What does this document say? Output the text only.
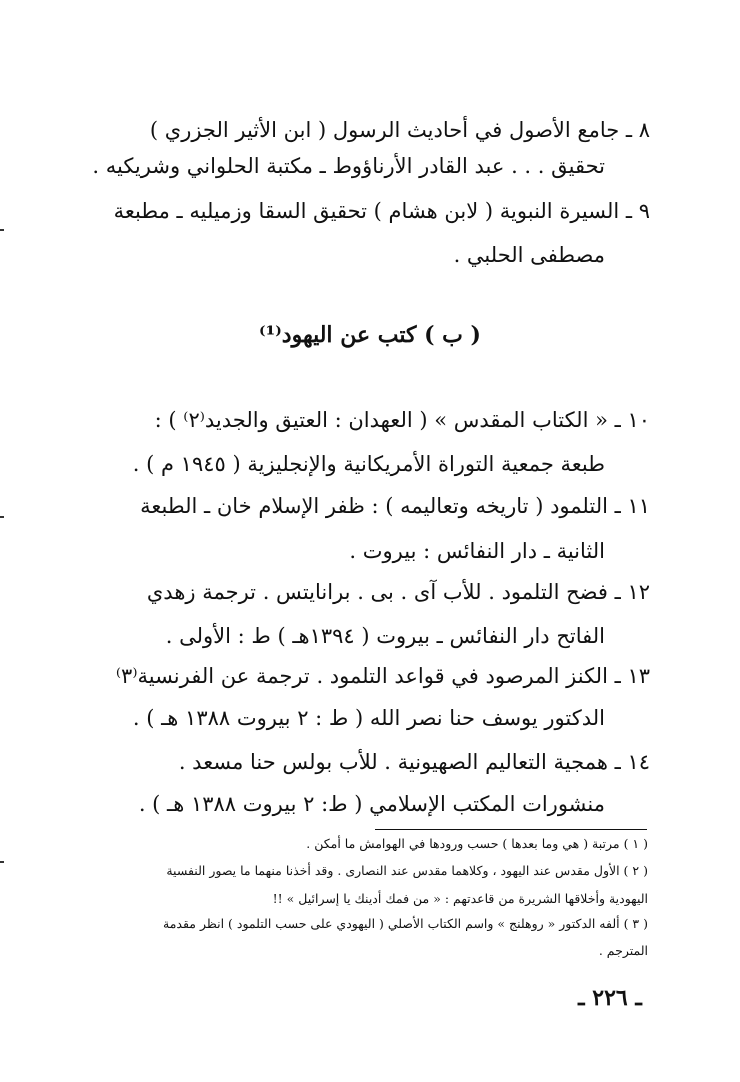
٨ ـ جامع الأصول في أحاديث الرسول ( ابن الأثير الجزري )
تحقيق . . . عبد القادر الأرناؤوط ـ مكتبة الحلواني وشريكيه .
٩ ـ السيرة النبوية ( لابن هشام ) تحقيق السقا وزميليه ـ مطبعة
مصطفى الحلبي .
( ب ) كتب عن اليهود⁽¹⁾
١٠ ـ « الكتاب المقدس » ( العهدان : العتيق والجديد⁽٢⁾ ) :
طبعة جمعية التوراة الأمريكانية والإنجليزية ( ١٩٤٥ م ) .
١١ ـ التلمود ( تاريخه وتعاليمه ) : ظفر الإسلام خان ـ الطبعة
الثانية ـ دار النفائس : بيروت .
١٢ ـ فضح التلمود . للأب آى . بى . برانايتس . ترجمة زهدي
الفاتح دار النفائس ـ بيروت ( ١٣٩٤هـ ) ط : الأولى .
١٣ ـ الكنز المرصود في قواعد التلمود . ترجمة عن الفرنسية⁽٣⁾
الدكتور يوسف حنا نصر الله ( ط : ٢ بيروت ١٣٨٨ هـ ) .
١٤ ـ همجية التعاليم الصهيونية . للأب بولس حنا مسعد .
منشورات المكتب الإسلامي ( ط: ٢ بيروت ١٣٨٨ هـ ) .
( ١ ) مرتبة ( هي وما بعدها ) حسب ورودها في الهوامش ما أمكن .
( ٢ ) الأول مقدس عند اليهود ، وكلاهما مقدس عند النصارى . وقد أخذنا منهما ما يصور النفسية
اليهودية وأخلاقها الشريرة من قاعدتهم : « من فمك أدينك يا إسرائيل » !!
( ٣ ) ألفه الدكتور « روهلنج » واسم الكتاب الأصلي ( اليهودي على حسب التلمود ) انظر مقدمة
المترجم .
ـ ٢٢٦ ـ
